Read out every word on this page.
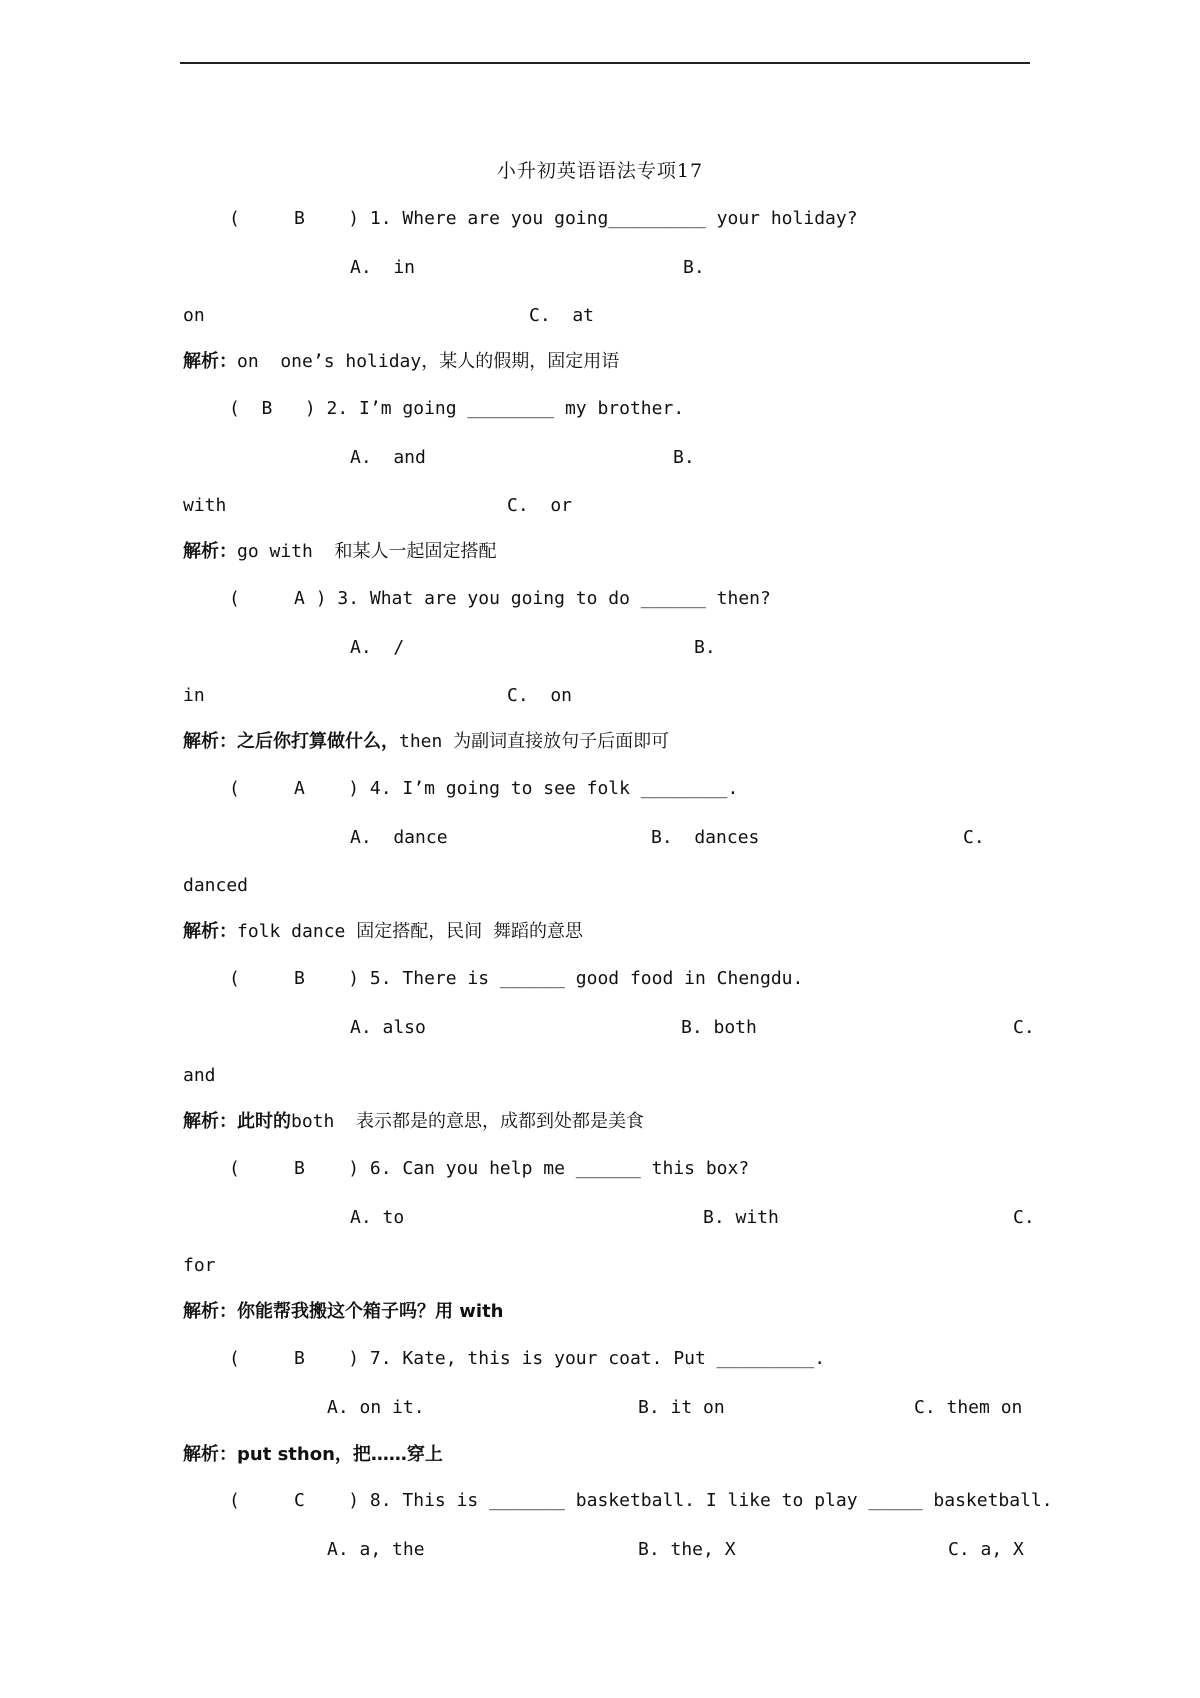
小升初英语语法专项17
(     B    ) 1. Where are you going_________ your holiday?
A.  in	B.
on	C.  at
解析：on  one’s holiday，某人的假期，固定用语
(  B   ) 2. I’m going ________ my brother.
A.  and	B.
with	C.  or
解析：go with  和某人一起固定搭配
(     A ) 3. What are you going to do ______ then?
A.  /	B.
in	C.  on
解析：之后你打算做什么，then 为副词直接放句子后面即可
(     A    ) 4. I’m going to see folk ________.
A.  dance	B.  dances	C.
danced
解析：folk dance 固定搭配，民间 舞蹈的意思
(     B    ) 5. There is ______ good food in Chengdu.
A. also	B. both	C.
and
解析：此时的both  表示都是的意思，成都到处都是美食
(     B    ) 6. Can you help me ______ this box?
A. to	B. with	C.
for
解析：你能帮我搬这个箱子吗？用 with
(     B    ) 7. Kate, this is your coat. Put _________.
A. on it.	B. it on	C. them on
解析：put sthon，把……穿上
(     C    ) 8. This is _______ basketball. I like to play _____ basketball.
A. a, the	B. the, X	C. a, X
